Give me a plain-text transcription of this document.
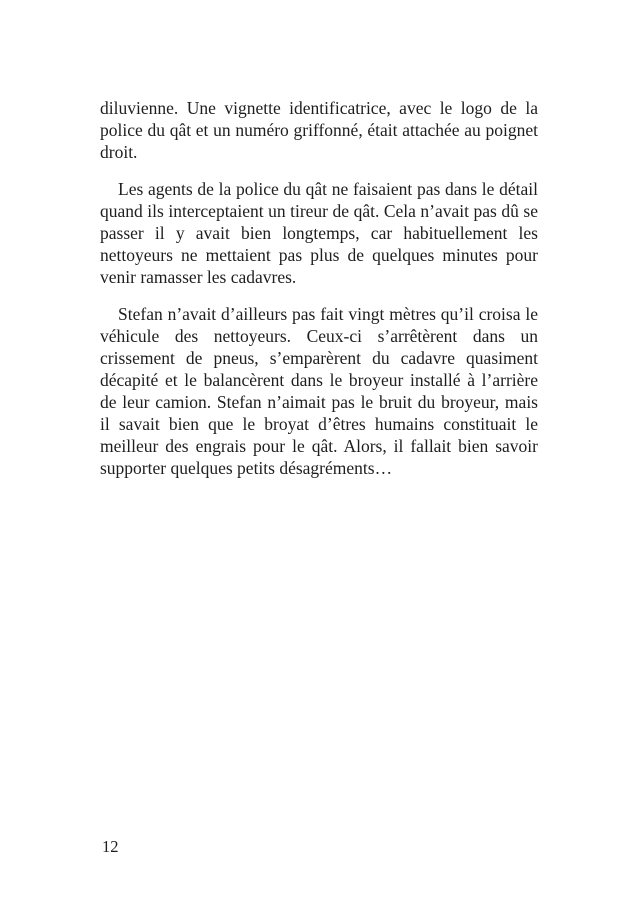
diluvienne. Une vignette identificatrice, avec le logo de la police du qât et un numéro griffonné, était attachée au poignet droit.

Les agents de la police du qât ne faisaient pas dans le détail quand ils interceptaient un tireur de qât. Cela n’avait pas dû se passer il y avait bien longtemps, car habituellement les nettoyeurs ne mettaient pas plus de quelques minutes pour venir ramasser les cadavres.

Stefan n’avait d’ailleurs pas fait vingt mètres qu’il croisa le véhicule des nettoyeurs. Ceux-ci s’arrêtèrent dans un crissement de pneus, s’emparèrent du cadavre quasiment décapité et le balancèrent dans le broyeur installé à l’arrière de leur camion. Stefan n’aimait pas le bruit du broyeur, mais il savait bien que le broyat d’êtres humains constituait le meilleur des engrais pour le qât. Alors, il fallait bien savoir supporter quelques petits désagréments…

12
